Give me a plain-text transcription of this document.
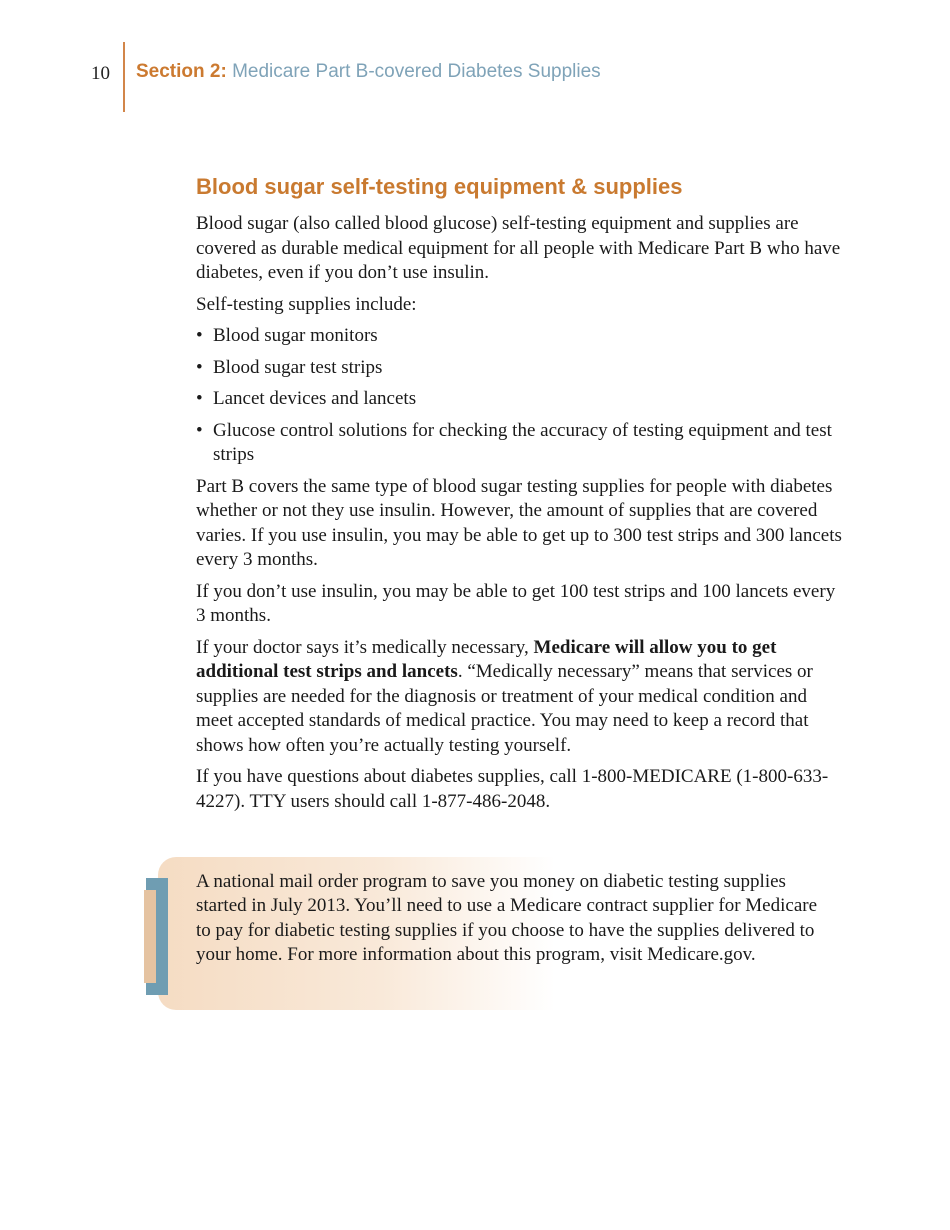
10 Section 2: Medicare Part B-covered Diabetes Supplies
Blood sugar self-testing equipment & supplies

Blood sugar (also called blood glucose) self-testing equipment and supplies are covered as durable medical equipment for all people with Medicare Part B who have diabetes, even if you don’t use insulin.

Self-testing supplies include:

• Blood sugar monitors
• Blood sugar test strips
• Lancet devices and lancets
• Glucose control solutions for checking the accuracy of testing equipment and test strips

Part B covers the same type of blood sugar testing supplies for people with diabetes whether or not they use insulin. However, the amount of supplies that are covered varies. If you use insulin, you may be able to get up to 300 test strips and 300 lancets every 3 months.

If you don’t use insulin, you may be able to get 100 test strips and 100 lancets every 3 months.

If your doctor says it’s medically necessary, Medicare will allow you to get additional test strips and lancets. “Medically necessary” means that services or supplies are needed for the diagnosis or treatment of your medical condition and meet accepted standards of medical practice. You may need to keep a record that shows how often you’re actually testing yourself.

If you have questions about diabetes supplies, call 1-800-MEDICARE (1-800-633-4227). TTY users should call 1-877-486-2048.

A national mail order program to save you money on diabetic testing supplies started in July 2013. You’ll need to use a Medicare contract supplier for Medicare to pay for diabetic testing supplies if you choose to have the supplies delivered to your home. For more information about this program, visit Medicare.gov.
